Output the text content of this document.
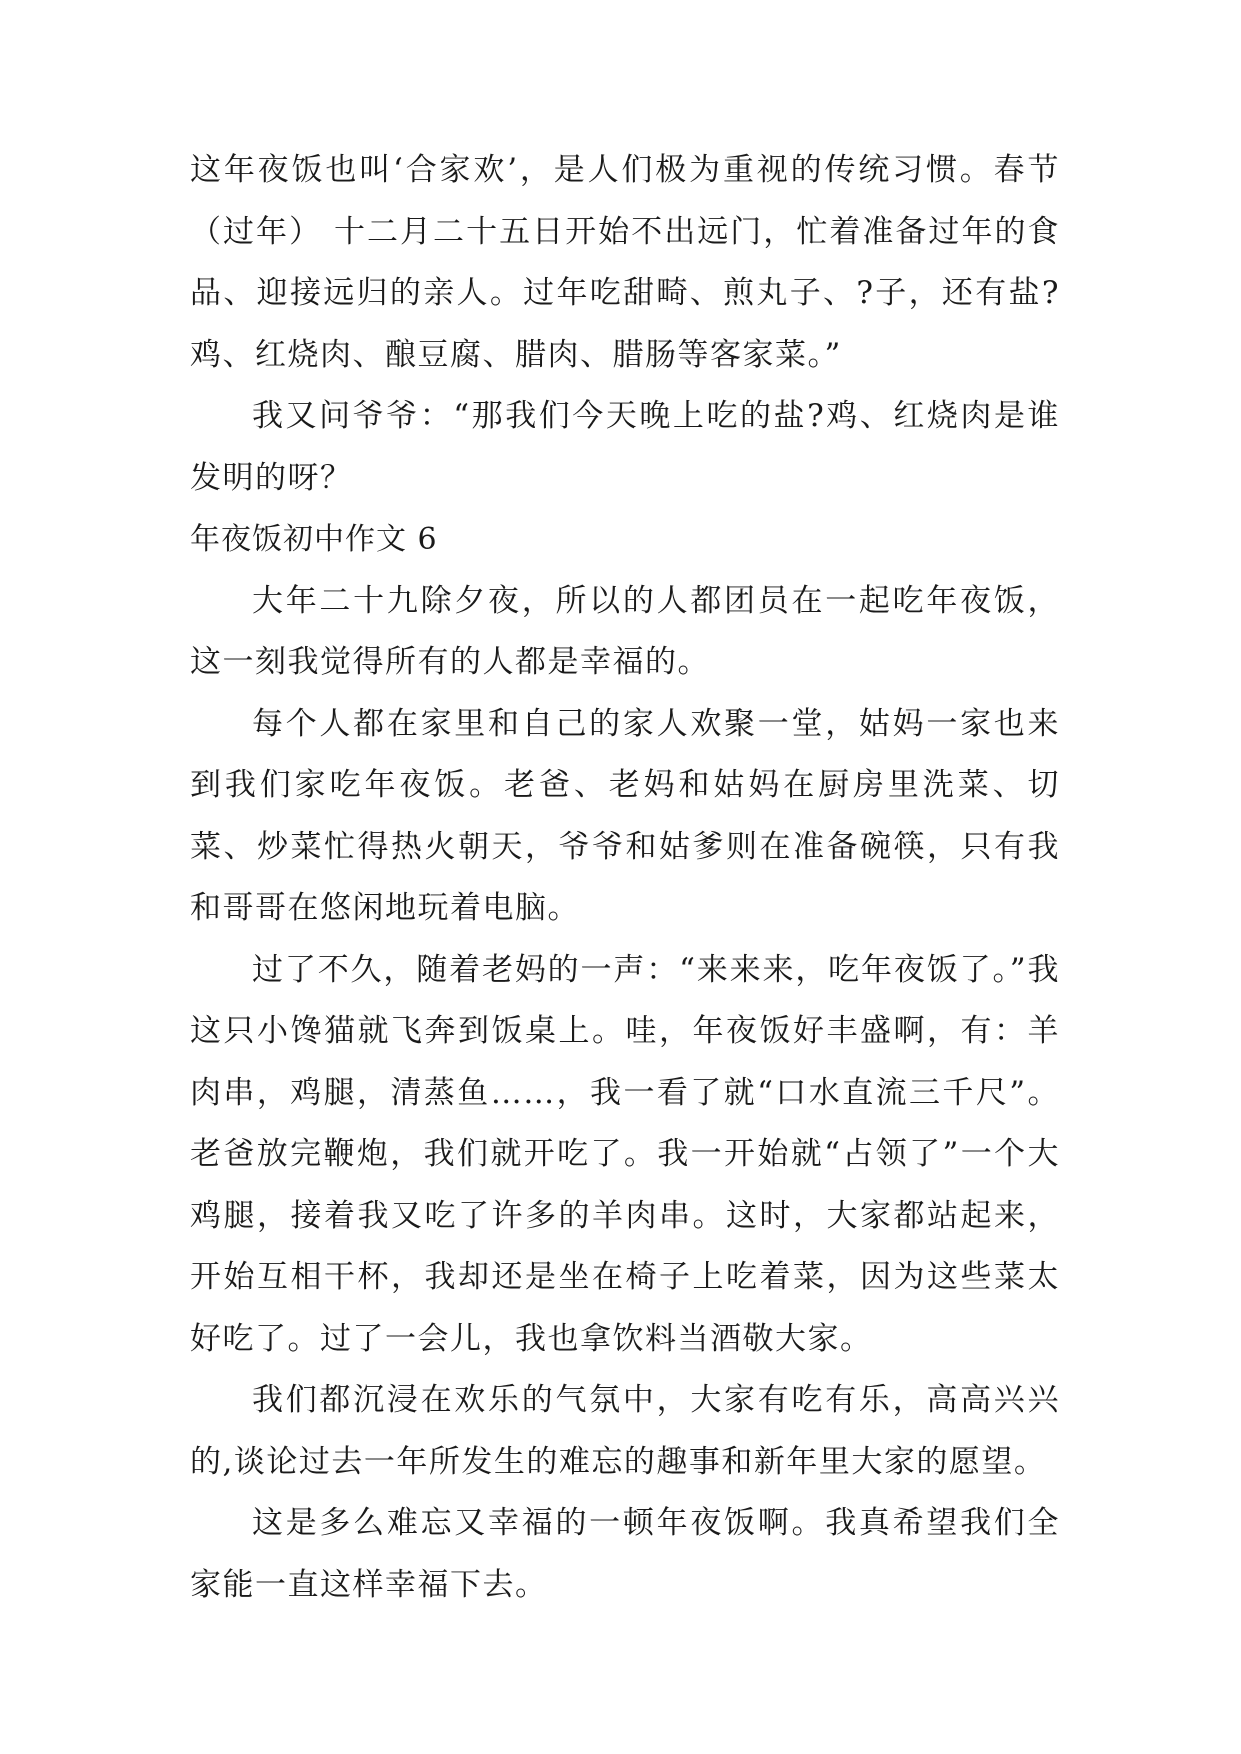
这年夜饭也叫‘合家欢’，是人们极为重视的传统习惯。春节（过年） 十二月二十五日开始不出远门，忙着准备过年的食品、迎接远归的亲人。过年吃甜畸、煎丸子、?子，还有盐?鸡、红烧肉、酿豆腐、腊肉、腊肠等客家菜。”

我又问爷爷：“那我们今天晚上吃的盐?鸡、红烧肉是谁发明的呀？

年夜饭初中作文 6

大年二十九除夕夜，所以的人都团员在一起吃年夜饭，这一刻我觉得所有的人都是幸福的。

每个人都在家里和自己的家人欢聚一堂，姑妈一家也来到我们家吃年夜饭。老爸、老妈和姑妈在厨房里洗菜、切菜、炒菜忙得热火朝天，爷爷和姑爹则在准备碗筷，只有我和哥哥在悠闲地玩着电脑。

过了不久，随着老妈的一声：“来来来，吃年夜饭了。”我这只小馋猫就飞奔到饭桌上。哇，年夜饭好丰盛啊，有：羊肉串，鸡腿，清蒸鱼……，我一看了就“口水直流三千尺”。老爸放完鞭炮，我们就开吃了。我一开始就“占领了”一个大鸡腿，接着我又吃了许多的羊肉串。这时，大家都站起来，开始互相干杯，我却还是坐在椅子上吃着菜，因为这些菜太好吃了。过了一会儿，我也拿饮料当酒敬大家。

我们都沉浸在欢乐的气氛中，大家有吃有乐，高高兴兴的,谈论过去一年所发生的难忘的趣事和新年里大家的愿望。

这是多么难忘又幸福的一顿年夜饭啊。我真希望我们全家能一直这样幸福下去。
